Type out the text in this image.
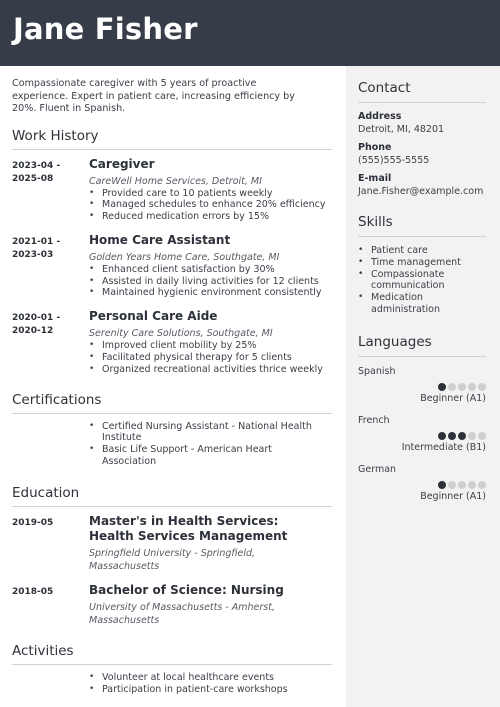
Jane Fisher

Compassionate caregiver with 5 years of proactive experience. Expert in patient care, increasing efficiency by 20%. Fluent in Spanish.

Work History
2023-04 -
2025-08
Caregiver
CareWell Home Services, Detroit, MI
• Provided care to 10 patients weekly
• Managed schedules to enhance 20% efficiency
• Reduced medication errors by 15%
2021-01 -
2023-03
Home Care Assistant
Golden Years Home Care, Southgate, MI
• Enhanced client satisfaction by 30%
• Assisted in daily living activities for 12 clients
• Maintained hygienic environment consistently
2020-01 -
2020-12
Personal Care Aide
Serenity Care Solutions, Southgate, MI
• Improved client mobility by 25%
• Facilitated physical therapy for 5 clients
• Organized recreational activities thrice weekly
Certifications
• Certified Nursing Assistant - National Health Institute
• Basic Life Support - American Heart Association
Education
2019-05	Master's in Health Services: Health Services Management
Springfield University - Springfield, Massachusetts
2018-05	Bachelor of Science: Nursing
University of Massachusetts - Amherst, Massachusetts
Activities
• Volunteer at local healthcare events
• Participation in patient-care workshops
Contact
Address
Detroit, MI, 48201
Phone
(555)555-5555
E-mail
Jane.Fisher@example.com
Skills
• Patient care
• Time management
• Compassionate communication
• Medication administration
Languages
Spanish
Beginner (A1)
French
Intermediate (B1)
German
Beginner (A1)
